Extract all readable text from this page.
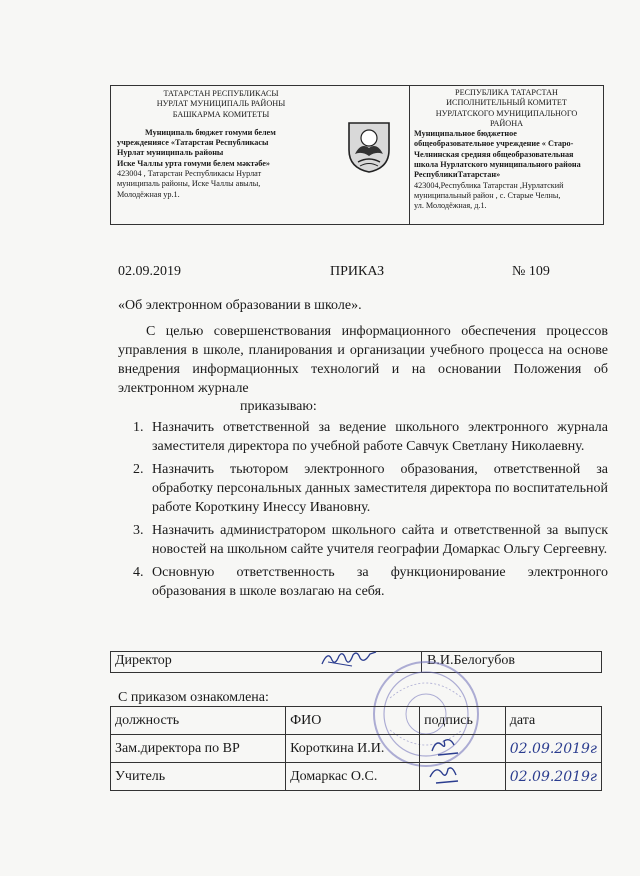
ТАТАРСТАН РЕСПУБЛИКАСЫ
НУРЛАТ МУНИЦИПАЛЬ РАЙОНЫ
БАШКАРМА КОМИТЕТЫ
Муниципаль бюджет гомуми белем
учреждениясе «Татарстан Республикасы
Нурлат муниципаль районы
Иске Чаллы урта гомуми белем мәктәбе»
423004 , Татарстан Республикасы Нурлат
муниципаль районы, Иске Чаллы авылы,
Молодёжная ур.1.
РЕСПУБЛИКА ТАТАРСТАН
ИСПОЛНИТЕЛЬНЫЙ КОМИТЕТ
НУРЛАТСКОГО МУНИЦИПАЛЬНОГО
РАЙОНА
Муниципальное бюджетное
общеобразовательное учреждение « Старо-
Челнинская средняя общеобразовательная
школа Нурлатского муниципального района
РеспубликиТатарстан»
423004,Республика Татарстан ,Нурлатский
муниципальный район , с. Старые Челны,
ул. Молодёжная, д.1.
02.09.2019	ПРИКАЗ	№ 109
«Об электронном образовании в школе».
С целью совершенствования информационного обеспечения процессов управления в школе, планирования и организации учебного процесса на основе внедрения информационных технологий и на основании Положения об электронном журнале
приказываю:
1. Назначить ответственной за ведение школьного электронного журнала заместителя директора по учебной работе Савчук Светлану Николаевну.
2. Назначить тьютором электронного образования, ответственной за обработку персональных данных заместителя директора по воспитательной работе Короткину Инессу Ивановну.
3. Назначить администратором школьного сайта и ответственной за выпуск новостей на школьном сайте учителя географии Домаркас Ольгу Сергеевну.
4. Основную ответственность за функционирование электронного образования в школе возлагаю на себя.
Директор	В.И.Белогубов
С приказом ознакомлена:
должность	ФИО	подпись	дата
Зам.директора по ВР	Короткина И.И.		02.09.2019г
Учитель	Домаркас О.С.		02.09.2019г
